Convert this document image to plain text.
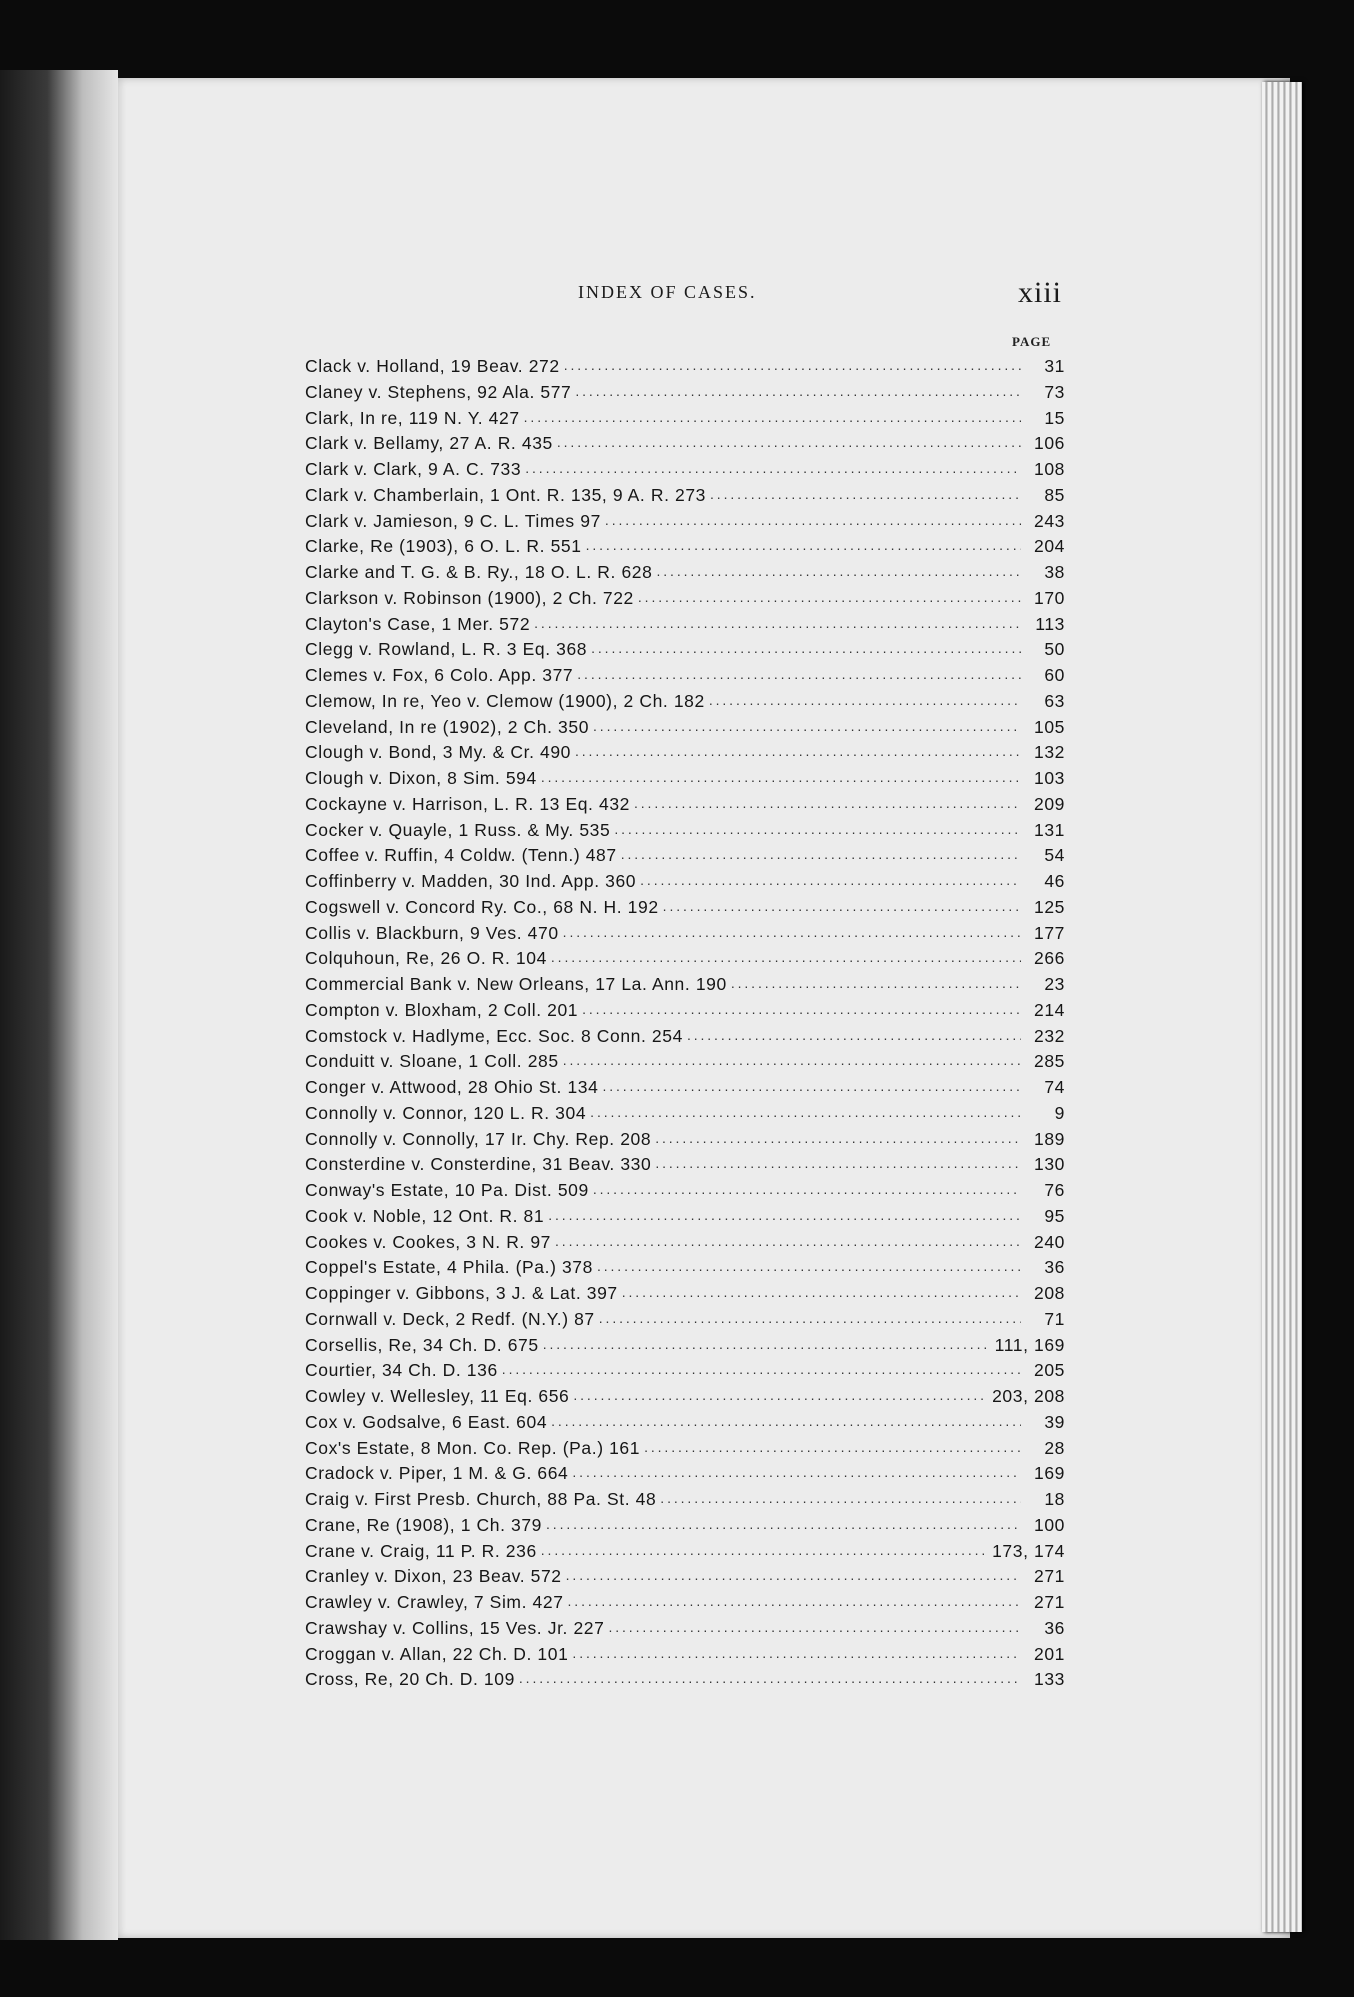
INDEX OF CASES.	xiii
PAGE
Clack v. Holland, 19 Beav. 272 . . .	31
Claney v. Stephens, 92 Ala. 577 . . .	73
Clark, In re, 119 N. Y. 427 . . .	15
Clark v. Bellamy, 27 A. R. 435 . . .	106
Clark v. Clark, 9 A. C. 733 . . .	108
Clark v. Chamberlain, 1 Ont. R. 135, 9 A. R. 273 . . .	85
Clark v. Jamieson, 9 C. L. Times 97 . . .	243
Clarke, Re (1903), 6 O. L. R. 551 . . .	204
Clarke and T. G. & B. Ry., 18 O. L. R. 628 . . .	38
Clarkson v. Robinson (1900), 2 Ch. 722 . . .	170
Clayton's Case, 1 Mer. 572 . . .	113
Clegg v. Rowland, L. R. 3 Eq. 368 . . .	50
Clemes v. Fox, 6 Colo. App. 377 . . .	60
Clemow, In re, Yeo v. Clemow (1900), 2 Ch. 182 . . .	63
Cleveland, In re (1902), 2 Ch. 350 . . .	105
Clough v. Bond, 3 My. & Cr. 490 . . .	132
Clough v. Dixon, 8 Sim. 594 . . .	103
Cockayne v. Harrison, L. R. 13 Eq. 432 . . .	209
Cocker v. Quayle, 1 Russ. & My. 535 . . .	131
Coffee v. Ruffin, 4 Coldw. (Tenn.) 487 . . .	54
Coffinberry v. Madden, 30 Ind. App. 360 . . .	46
Cogswell v. Concord Ry. Co., 68 N. H. 192 . . .	125
Collis v. Blackburn, 9 Ves. 470 . . .	177
Colquhoun, Re, 26 O. R. 104 . . .	266
Commercial Bank v. New Orleans, 17 La. Ann. 190 . . .	23
Compton v. Bloxham, 2 Coll. 201 . . .	214
Comstock v. Hadlyme, Ecc. Soc. 8 Conn. 254 . . .	232
Conduitt v. Sloane, 1 Coll. 285 . . .	285
Conger v. Attwood, 28 Ohio St. 134 . . .	74
Connolly v. Connor, 120 L. R. 304 . . .	9
Connolly v. Connolly, 17 Ir. Chy. Rep. 208 . . .	189
Consterdine v. Consterdine, 31 Beav. 330 . . .	130
Conway's Estate, 10 Pa. Dist. 509 . . .	76
Cook v. Noble, 12 Ont. R. 81 . . .	95
Cookes v. Cookes, 3 N. R. 97 . . .	240
Coppel's Estate, 4 Phila. (Pa.) 378 . . .	36
Coppinger v. Gibbons, 3 J. & Lat. 397 . . .	208
Cornwall v. Deck, 2 Redf. (N.Y.) 87 . . .	71
Corsellis, Re, 34 Ch. D. 675 . . .	111, 169
Courtier, 34 Ch. D. 136 . . .	205
Cowley v. Wellesley, 11 Eq. 656 . . .	203, 208
Cox v. Godsalve, 6 East. 604 . . .	39
Cox's Estate, 8 Mon. Co. Rep. (Pa.) 161 . . .	28
Cradock v. Piper, 1 M. & G. 664 . . .	169
Craig v. First Presb. Church, 88 Pa. St. 48 . . .	18
Crane, Re (1908), 1 Ch. 379 . . .	100
Crane v. Craig, 11 P. R. 236 . . .	173, 174
Cranley v. Dixon, 23 Beav. 572 . . .	271
Crawley v. Crawley, 7 Sim. 427 . . .	271
Crawshay v. Collins, 15 Ves. Jr. 227 . . .	36
Croggan v. Allan, 22 Ch. D. 101 . . .	201
Cross, Re, 20 Ch. D. 109 . . .	133
